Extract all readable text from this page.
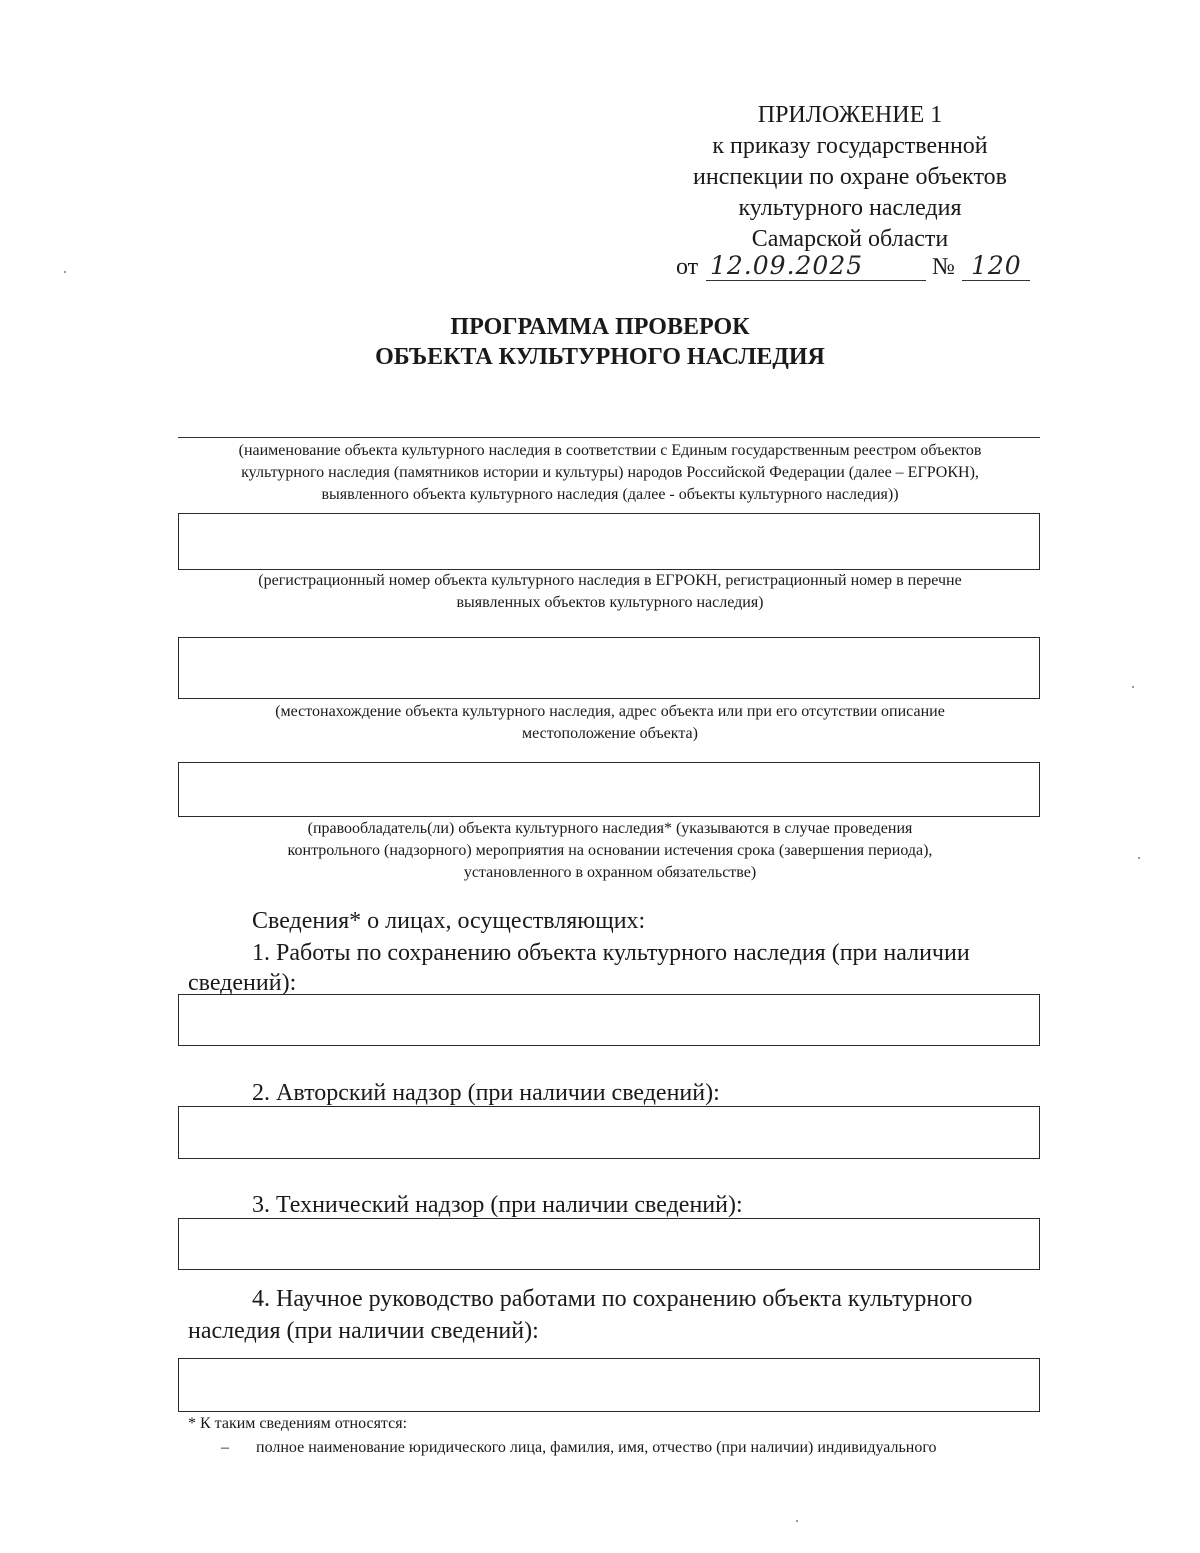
ПРИЛОЖЕНИЕ 1
к приказу государственной
инспекции по охране объектов
культурного наследия
Самарской области
от 12.09.2025	№ 120
ПРОГРАММА ПРОВЕРОК
ОБЪЕКТА КУЛЬТУРНОГО НАСЛЕДИЯ
(наименование объекта культурного наследия в соответствии с Единым государственным реестром объектов
культурного наследия (памятников истории и культуры) народов Российской Федерации (далее – ЕГРОКН),
выявленного объекта культурного наследия (далее - объекты культурного наследия))
(регистрационный номер объекта культурного наследия в ЕГРОКН, регистрационный номер в перечне
выявленных объектов культурного наследия)
(местонахождение объекта культурного наследия, адрес объекта или при его отсутствии описание
местоположение объекта)
(правообладатель(ли) объекта культурного наследия* (указываются в случае проведения
контрольного (надзорного) мероприятия на основании истечения срока (завершения периода),
установленного в охранном обязательстве)
Сведения* о лицах, осуществляющих:
1. Работы по сохранению объекта культурного наследия (при наличии
сведений):
2. Авторский надзор (при наличии сведений):
3. Технический надзор (при наличии сведений):
4. Научное руководство работами по сохранению объекта культурного
наследия (при наличии сведений):
* К таким сведениям относятся:
– полное наименование юридического лица, фамилия, имя, отчество (при наличии) индивидуального
